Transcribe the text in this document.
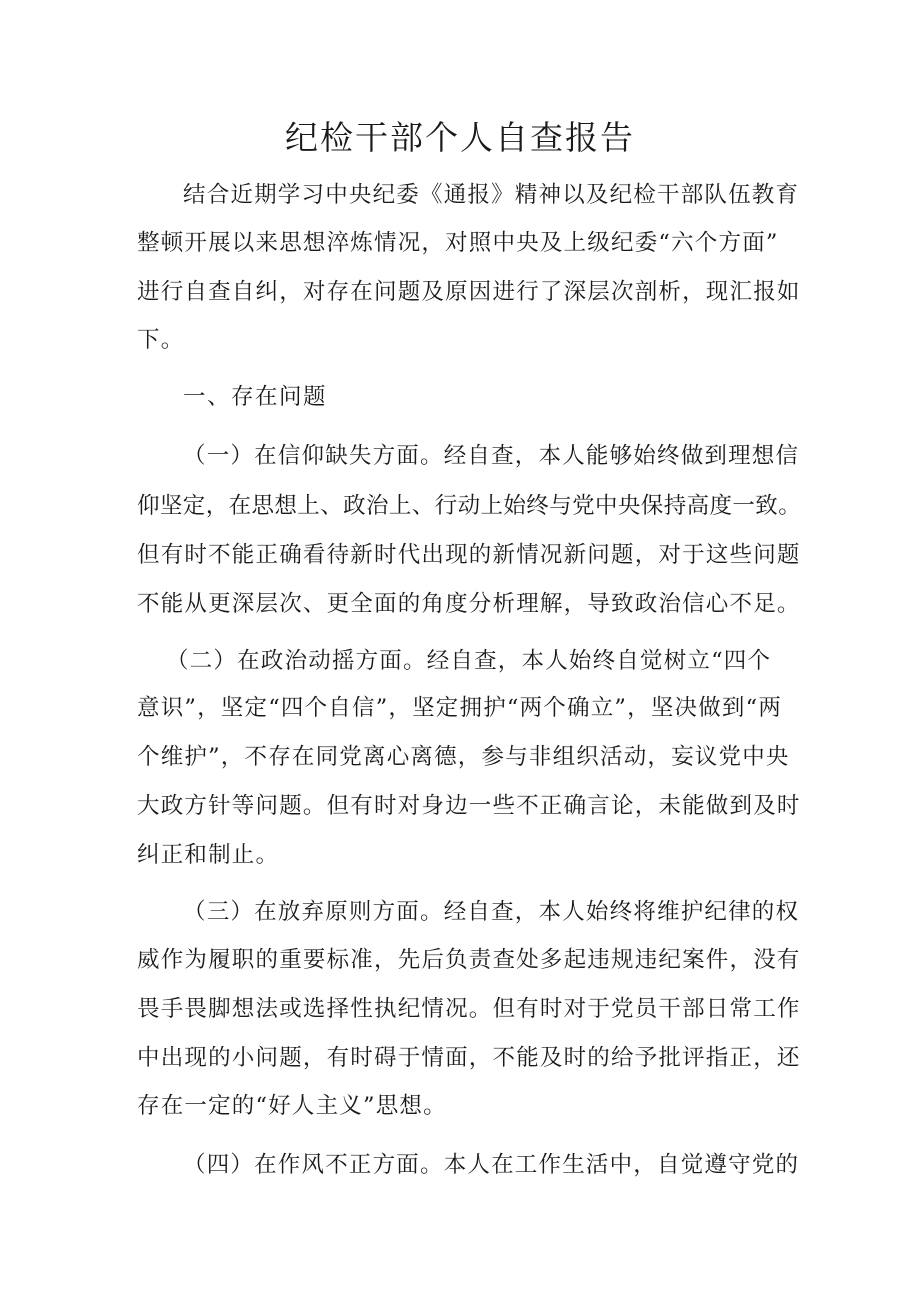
纪检干部个人自查报告

结合近期学习中央纪委《通报》精神以及纪检干部队伍教育

整顿开展以来思想淬炼情况，对照中央及上级纪委“六个方面”

进行自查自纠，对存在问题及原因进行了深层次剖析，现汇报如

下。

一、存在问题

（一）在信仰缺失方面。经自查，本人能够始终做到理想信

仰坚定，在思想上、政治上、行动上始终与党中央保持高度一致。

但有时不能正确看待新时代出现的新情况新问题，对于这些问题

不能从更深层次、更全面的角度分析理解，导致政治信心不足。

（二）在政治动摇方面。经自查，本人始终自觉树立“四个

意识”，坚定“四个自信”，坚定拥护“两个确立”，坚决做到“两

个维护”，不存在同党离心离德，参与非组织活动，妄议党中央

大政方针等问题。但有时对身边一些不正确言论，未能做到及时

纠正和制止。

（三）在放弃原则方面。经自查，本人始终将维护纪律的权

威作为履职的重要标准，先后负责查处多起违规违纪案件，没有

畏手畏脚想法或选择性执纪情况。但有时对于党员干部日常工作

中出现的小问题，有时碍于情面，不能及时的给予批评指正，还

存在一定的“好人主义”思想。

（四）在作风不正方面。本人在工作生活中，自觉遵守党的
